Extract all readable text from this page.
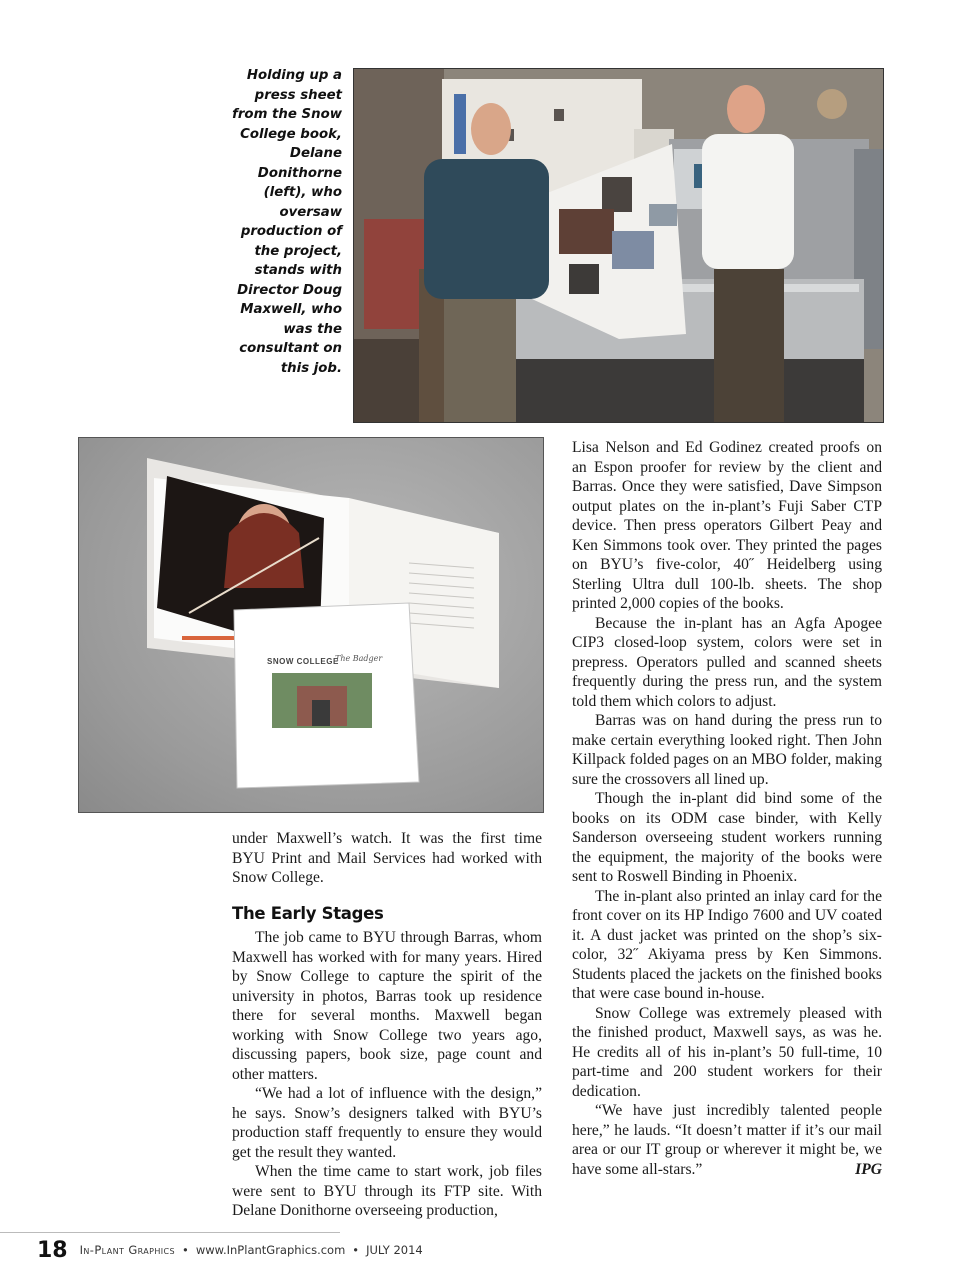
Holding up a press sheet from the Snow College book, Delane Donithorne (left), who oversaw production of the project, stands with Director Doug Maxwell, who was the consultant on this job.
SNOW COLLEGE
The Badger

under Maxwell’s watch. It was the first time BYU Print and Mail Services had worked with Snow College.

The Early Stages

The job came to BYU through Barras, whom Maxwell has worked with for many years. Hired by Snow College to capture the spirit of the university in photos, Barras took up residence there for several months. Maxwell began working with Snow College two years ago, discussing papers, book size, page count and other matters.

“We had a lot of influence with the design,” he says. Snow’s designers talked with BYU’s production staff frequently to ensure they would get the result they wanted.

When the time came to start work, job files were sent to BYU through its FTP site. With Delane Donithorne overseeing production,

Lisa Nelson and Ed Godinez created proofs on an Espon proofer for review by the client and Barras. Once they were satisfied, Dave Simpson output plates on the in-plant’s Fuji Saber CTP device. Then press operators Gilbert Peay and Ken Simmons took over. They printed the pages on BYU’s five-color, 40˝ Heidelberg using Sterling Ultra dull 100-lb. sheets. The shop printed 2,000 copies of the books.

Because the in-plant has an Agfa Apogee CIP3 closed-loop system, colors were set in prepress. Operators pulled and scanned sheets frequently during the press run, and the system told them which colors to adjust.

Barras was on hand during the press run to make certain everything looked right. Then John Killpack folded pages on an MBO folder, making sure the crossovers all lined up.

Though the in-plant did bind some of the books on its ODM case binder, with Kelly Sanderson overseeing student workers running the equipment, the majority of the books were sent to Roswell Binding in Phoenix.

The in-plant also printed an inlay card for the front cover on its HP Indigo 7600 and UV coated it. A dust jacket was printed on the shop’s six-color, 32˝ Akiyama press by Ken Simmons. Students placed the jackets on the finished books that were case bound in-house.

Snow College was extremely pleased with the finished product, Maxwell says, as was he. He credits all of his in-plant’s 50 full-time, 10 part-time and 200 student workers for their dedication.

“We have just incredibly talented people here,” he lauds. “It doesn’t matter if it’s our mail area or our IT group or wherever it might be, we have some all-stars.”	IPG

18 In-Plant Graphics • www.InPlantGraphics.com • JULY 2014
